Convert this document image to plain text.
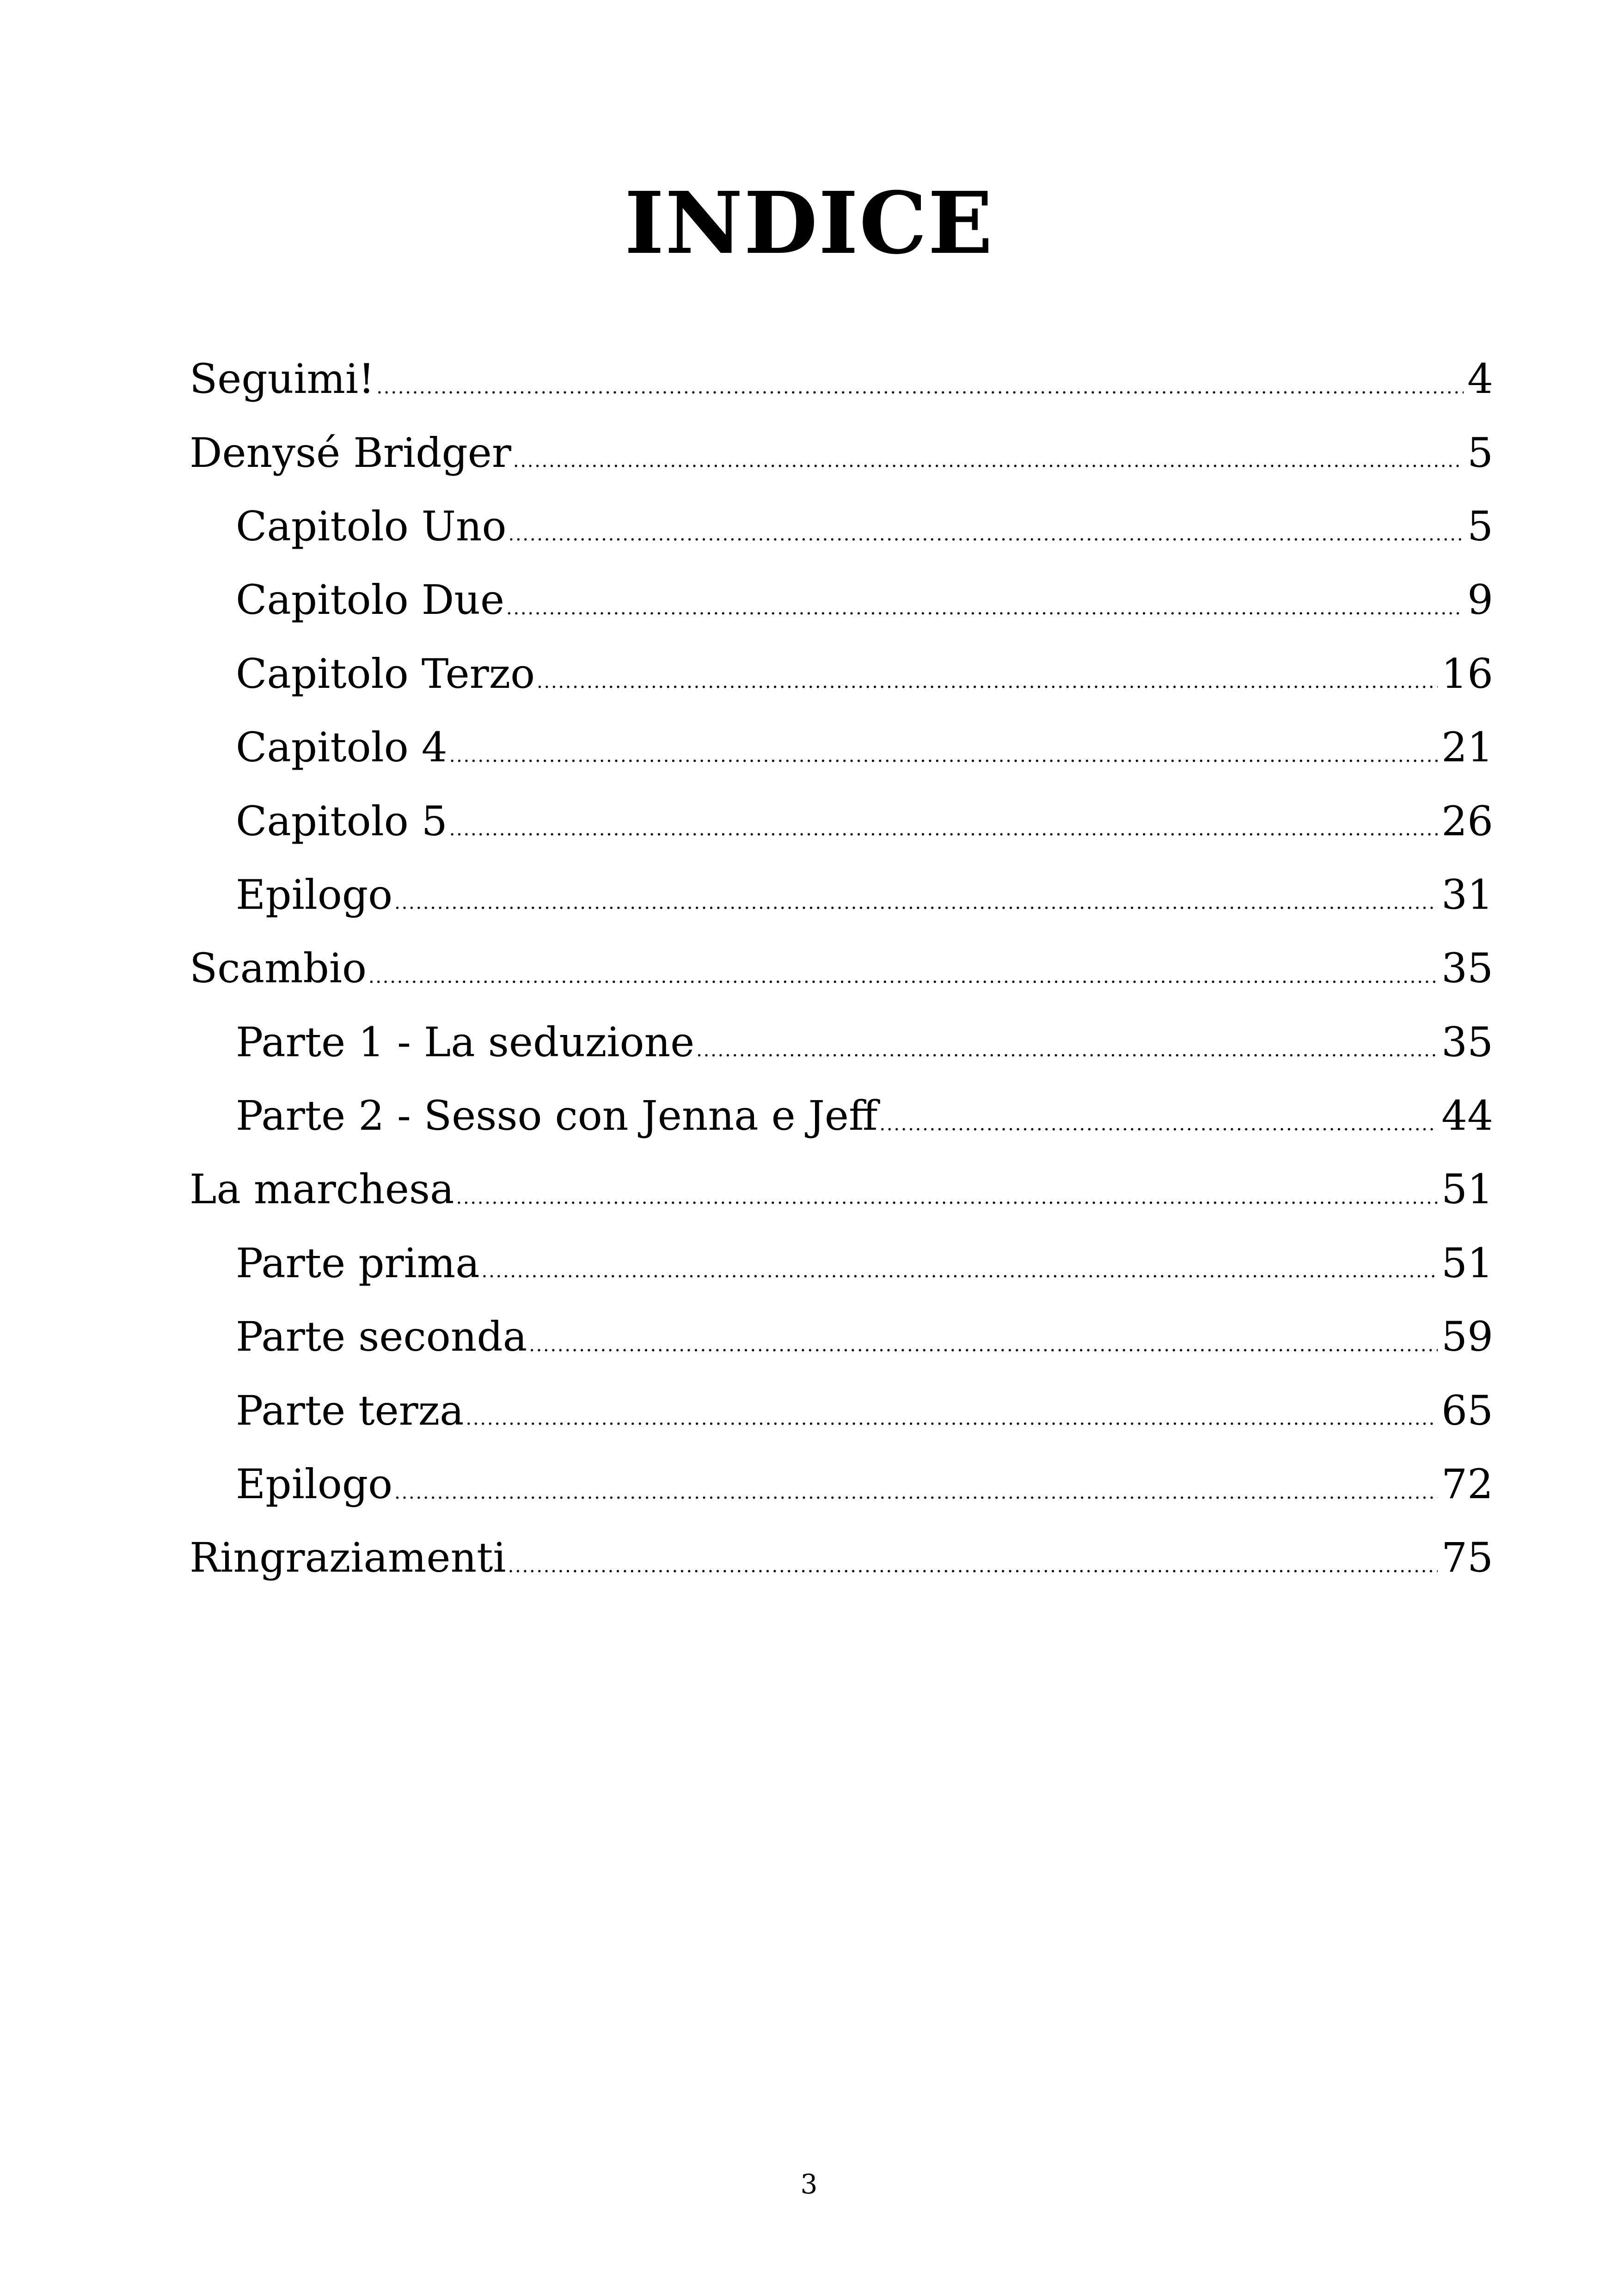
INDICE
Seguimi! . . .	4
Denysé Bridger . . .	5
Capitolo Uno . . .	5
Capitolo Due . . .	9
Capitolo Terzo . . .	16
Capitolo 4 . . .	21
Capitolo 5 . . .	26
Epilogo . . .	31
Scambio . . .	35
Parte 1 - La seduzione . . .	35
Parte 2 - Sesso con Jenna e Jeff . . .	44
La marchesa . . .	51
Parte prima . . .	51
Parte seconda . . .	59
Parte terza . . .	65
Epilogo . . .	72
Ringraziamenti . . .	75
3
